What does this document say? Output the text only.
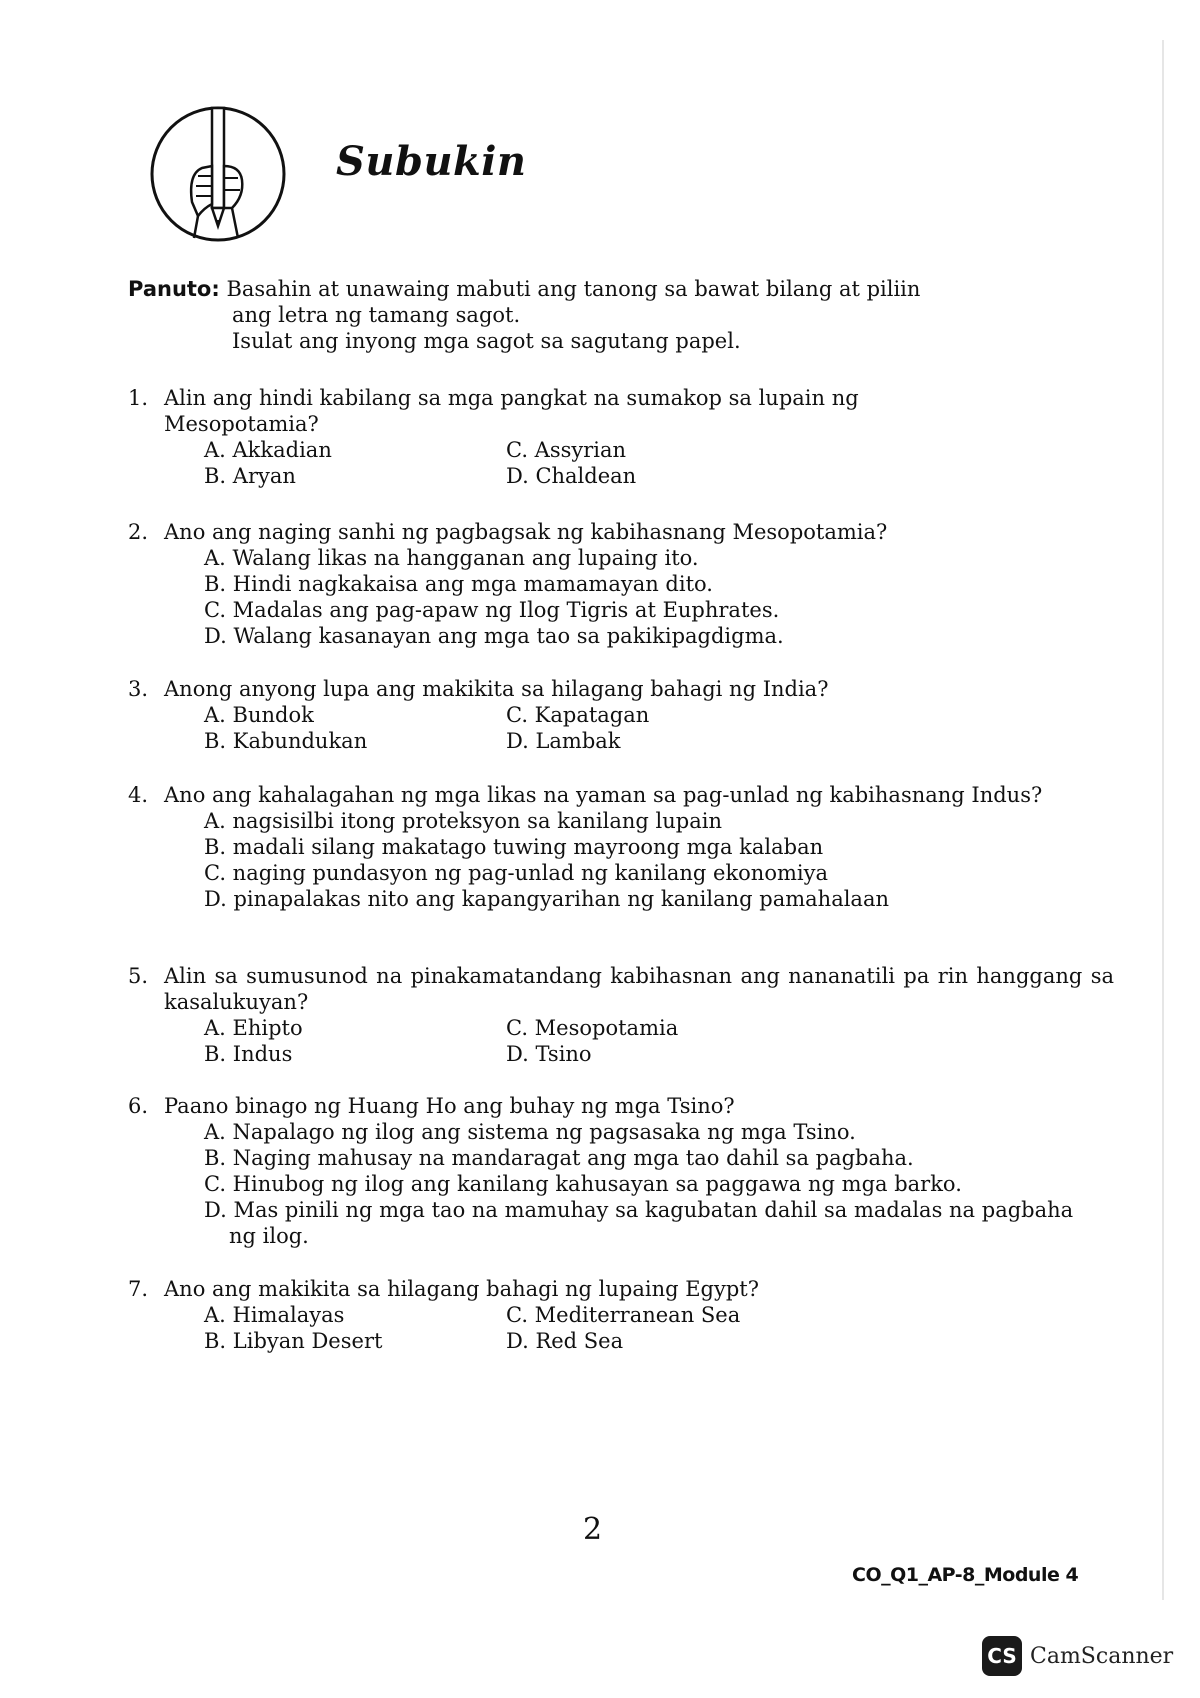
Subukin
Panuto: Basahin at unawaing mabuti ang tanong sa bawat bilang at piliin
ang letra ng tamang sagot.
Isulat ang inyong mga sagot sa sagutang papel.
1. Alin ang hindi kabilang sa mga pangkat na sumakop sa lupain ng Mesopotamia?
A. Akkadian	C. Assyrian
B. Aryan	D. Chaldean
2. Ano ang naging sanhi ng pagbagsak ng kabihasnang Mesopotamia?
A. Walang likas na hangganan ang lupaing ito.
B. Hindi nagkakaisa ang mga mamamayan dito.
C. Madalas ang pag-apaw ng Ilog Tigris at Euphrates.
D. Walang kasanayan ang mga tao sa pakikipagdigma.
3. Anong anyong lupa ang makikita sa hilagang bahagi ng India?
A. Bundok	C. Kapatagan
B. Kabundukan	D. Lambak
4. Ano ang kahalagahan ng mga likas na yaman sa pag-unlad ng kabihasnang Indus?
A. nagsisilbi itong proteksyon sa kanilang lupain
B. madali silang makatago tuwing mayroong mga kalaban
C. naging pundasyon ng pag-unlad ng kanilang ekonomiya
D. pinapalakas nito ang kapangyarihan ng kanilang pamahalaan
5. Alin sa sumusunod na pinakamatandang kabihasnan ang nananatili pa rin hanggang sa kasalukuyan?
A. Ehipto	C. Mesopotamia
B. Indus	D. Tsino
6. Paano binago ng Huang Ho ang buhay ng mga Tsino?
A. Napalago ng ilog ang sistema ng pagsasaka ng mga Tsino.
B. Naging mahusay na mandaragat ang mga tao dahil sa pagbaha.
C. Hinubog ng ilog ang kanilang kahusayan sa paggawa ng mga barko.
D. Mas pinili ng mga tao na mamuhay sa kagubatan dahil sa madalas na pagbaha ng ilog.
7. Ano ang makikita sa hilagang bahagi ng lupaing Egypt?
A. Himalayas	C. Mediterranean Sea
B. Libyan Desert	D. Red Sea
2
CO_Q1_AP-8_Module 4
CS CamScanner
